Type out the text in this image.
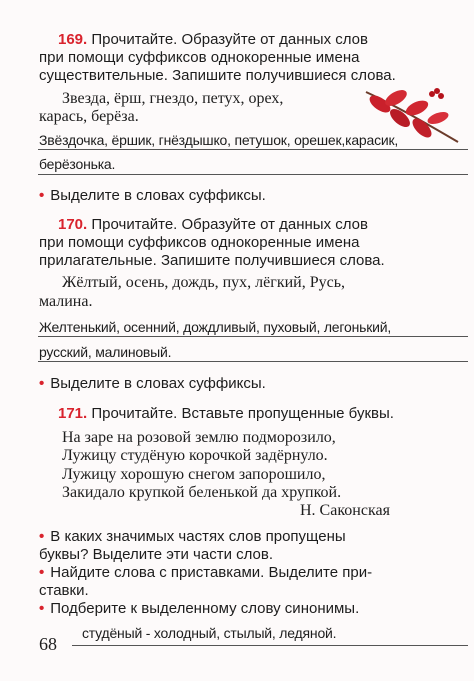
169. Прочитайте. Образуйте от данных слов
при помощи суффиксов однокоренные имена
существительные. Запишите получившиеся слова.
Звезда, ёрш, гнездо, петух, орех,
карась, берёза.
Звёздочка, ёршик, гнёздышко, петушок, орешек,карасик,
берёзонька.
• Выделите в словах суффиксы.
170. Прочитайте. Образуйте от данных слов
при помощи суффиксов однокоренные имена
прилагательные. Запишите получившиеся слова.
Жёлтый, осень, дождь, пух, лёгкий, Русь,
малина.
Желтенький, осенний, дождливый, пуховый, легонький,
русский, малиновый.
• Выделите в словах суффиксы.
171. Прочитайте. Вставьте пропущенные буквы.
На заре на розовой землю подморозило,
Лужицу студёную корочкой задёрнуло.
Лужицу хорошую снегом запорошило,
Закидало крупкой беленькой да хрупкой.
Н. Саконская
• В каких значимых частях слов пропущены
буквы? Выделите эти части слов.
• Найдите слова с приставками. Выделите при-
ставки.
• Подберите к выделенному слову синонимы.
студёный - холодный, стылый, ледяной.
68
